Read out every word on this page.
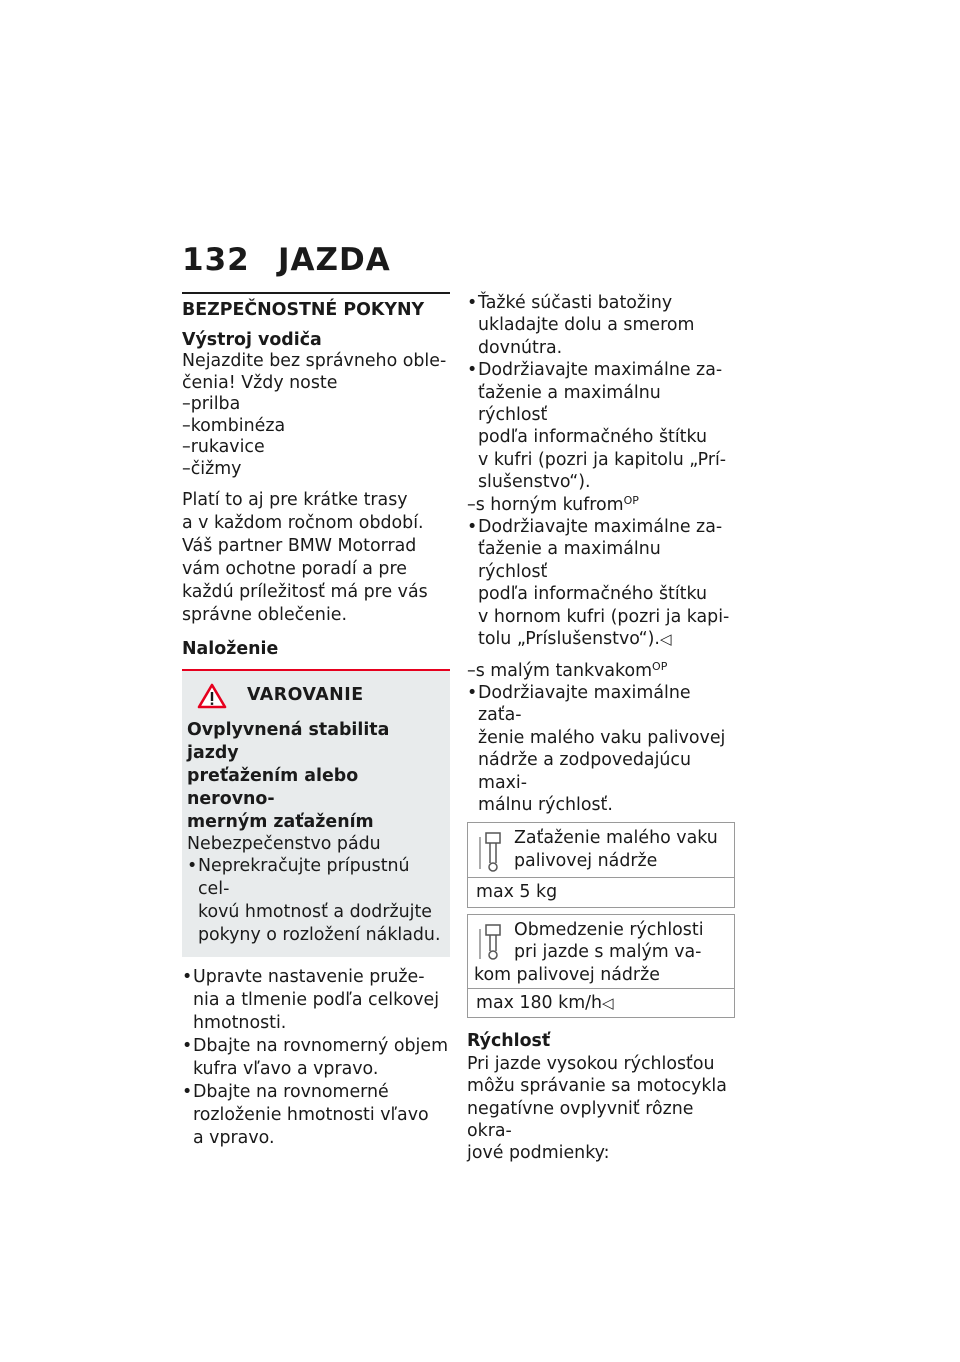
132 JAZDA
BEZPEČNOSTNÉ POKYNY

Výstroj vodiča

Nejazdite bez správneho oble-

čenia! Vždy noste

–prilba

–kombinéza

–rukavice

–čižmy

Platí to aj pre krátke trasy

a v každom ročnom období.

Váš partner BMW Motorrad

vám ochotne poradí a pre

každú príležitosť má pre vás

správne oblečenie.

Naloženie

VAROVANIE

Ovplyvnená stabilita jazdy

preťažením alebo nerovno-

merným zaťažením

Nebezpečenstvo pádu

• Neprekračujte prípustnú cel-

kovú hmotnosť a dodržujte

pokyny o rozložení nákladu.

• Upravte nastavenie pruže-

nia a tlmenie podľa celkovej

hmotnosti.

• Dbajte na rovnomerný objem

kufra vľavo a vpravo.

• Dbajte na rovnomerné

rozloženie hmotnosti vľavo

a vpravo.

• Ťažké súčasti batožiny

ukladajte dolu a smerom

dovnútra.

• Dodržiavajte maximálne za-

ťaženie a maximálnu rýchlosť

podľa informačného štítku

v kufri (pozri ja kapitolu „Prí-

slušenstvo“).

–s horným kufrom$^{OP}$

• Dodržiavajte maximálne za-

ťaženie a maximálnu rýchlosť

podľa informačného štítku

v hornom kufri (pozri ja kapi-

tolu „Príslušenstvo“).◁

–s malým tankvakom$^{OP}$

• Dodržiavajte maximálne zaťa-

ženie malého vaku palivovej

nádrže a zodpovedajúcu maxi-

málnu rýchlosť.

Zaťaženie malého vaku

palivovej nádrže

max 5 kg

Obmedzenie rýchlosti

pri jazde s malým va-

kom palivovej nádrže

max 180 km/h◁

Rýchlosť

Pri jazde vysokou rýchlosťou

môžu správanie sa motocykla

negatívne ovplyvniť rôzne okra-

jové podmienky:
